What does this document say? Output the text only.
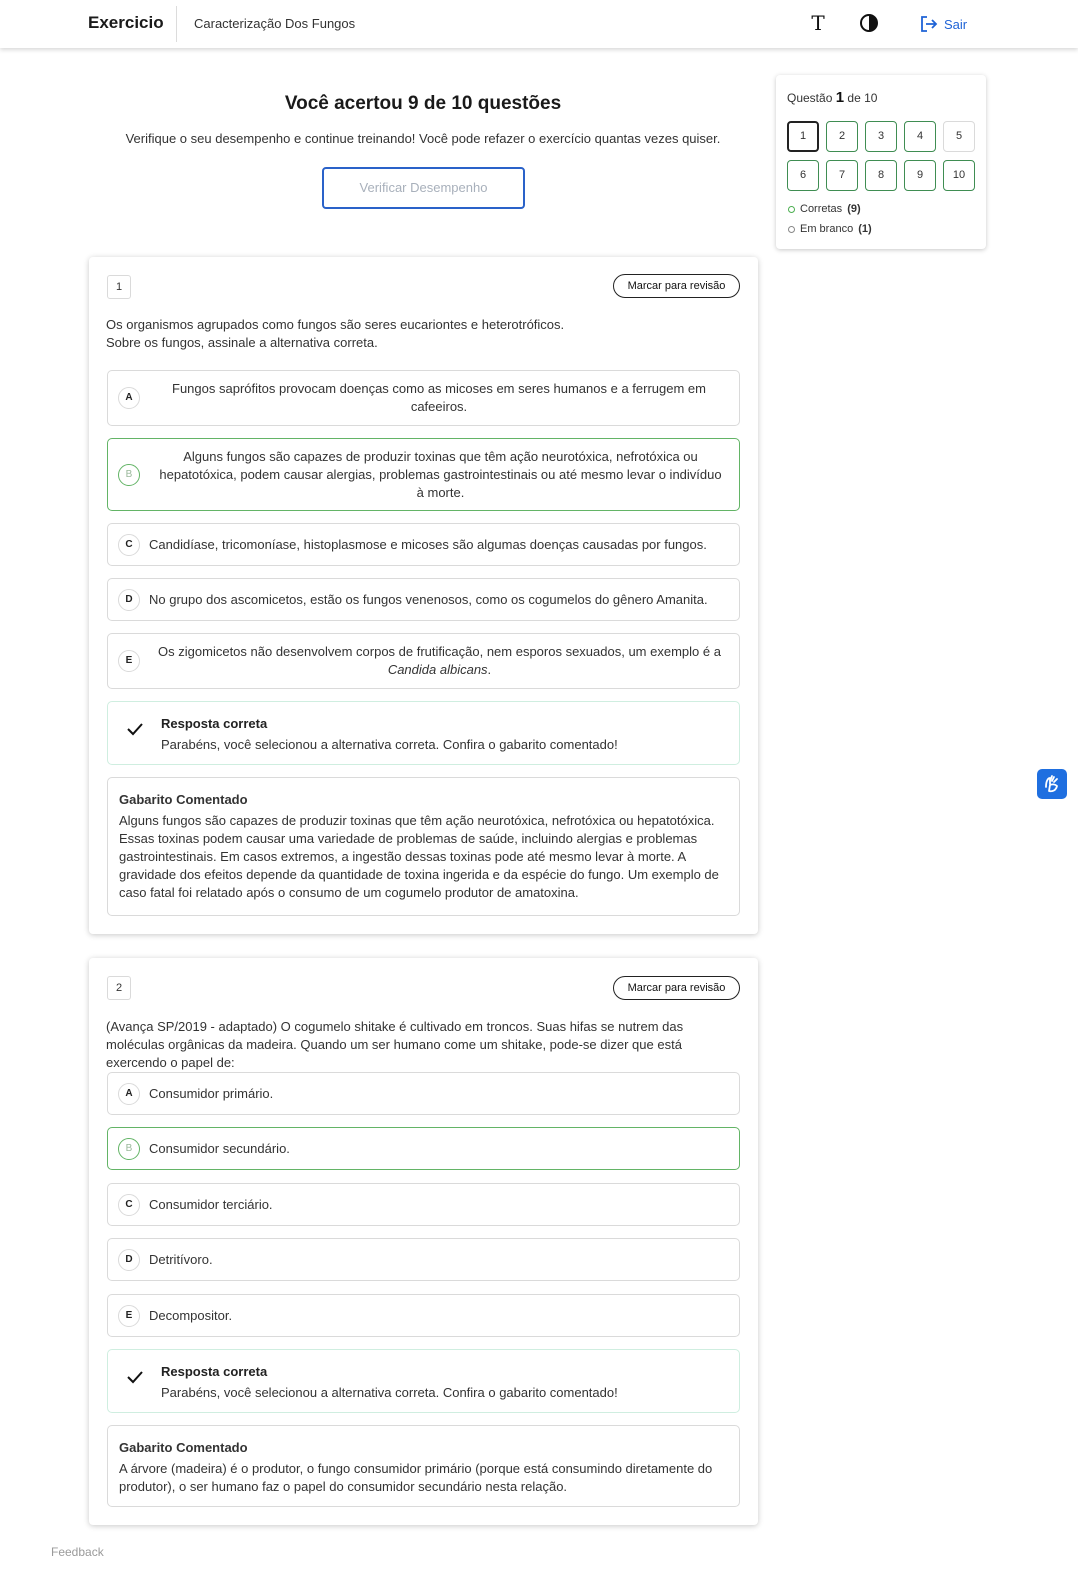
Exercicio Caracterização Dos Fungos	T	Sair
Você acertou 9 de 10 questões
Verifique o seu desempenho e continue treinando! Você pode refazer o exercício quantas vezes quiser.
Verificar Desempenho
Questão 1 de 10
1	2	3	4	5
6	7	8	9	10
Corretas (9)
Em branco (1)
1	Marcar para revisão
Os organismos agrupados como fungos são seres eucariontes e heterotróficos.
Sobre os fungos, assinale a alternativa correta.
A
Fungos saprófitos provocam doenças como as micoses em seres humanos e a ferrugem em cafeeiros.
B
Alguns fungos são capazes de produzir toxinas que têm ação neurotóxica, nefrotóxica ou hepatotóxica, podem causar alergias, problemas gastrointestinais ou até mesmo levar o indivíduo à morte.
C	Candidíase, tricomoníase, histoplasmose e micoses são algumas doenças causadas por fungos.
D	No grupo dos ascomicetos, estão os fungos venenosos, como os cogumelos do gênero Amanita.
E
Os zigomicetos não desenvolvem corpos de frutificação, nem esporos sexuados, um exemplo é a Candida albicans.
Resposta correta
Parabéns, você selecionou a alternativa correta. Confira o gabarito comentado!
Gabarito Comentado
Alguns fungos são capazes de produzir toxinas que têm ação neurotóxica, nefrotóxica ou hepatotóxica. Essas toxinas podem causar uma variedade de problemas de saúde, incluindo alergias e problemas gastrointestinais. Em casos extremos, a ingestão dessas toxinas pode até mesmo levar à morte. A gravidade dos efeitos depende da quantidade de toxina ingerida e da espécie do fungo. Um exemplo de caso fatal foi relatado após o consumo de um cogumelo produtor de amatoxina.
2	Marcar para revisão
(Avança SP/2019 - adaptado) O cogumelo shitake é cultivado em troncos. Suas hifas se nutrem das moléculas orgânicas da madeira. Quando um ser humano come um shitake, pode-se dizer que está exercendo o papel de:
A	Consumidor primário.
B	Consumidor secundário.
C	Consumidor terciário.
D	Detritívoro.
E	Decompositor.
Resposta correta
Parabéns, você selecionou a alternativa correta. Confira o gabarito comentado!
Gabarito Comentado
A árvore (madeira) é o produtor, o fungo consumidor primário (porque está consumindo diretamente do produtor), o ser humano faz o papel do consumidor secundário nesta relação.
Feedback
